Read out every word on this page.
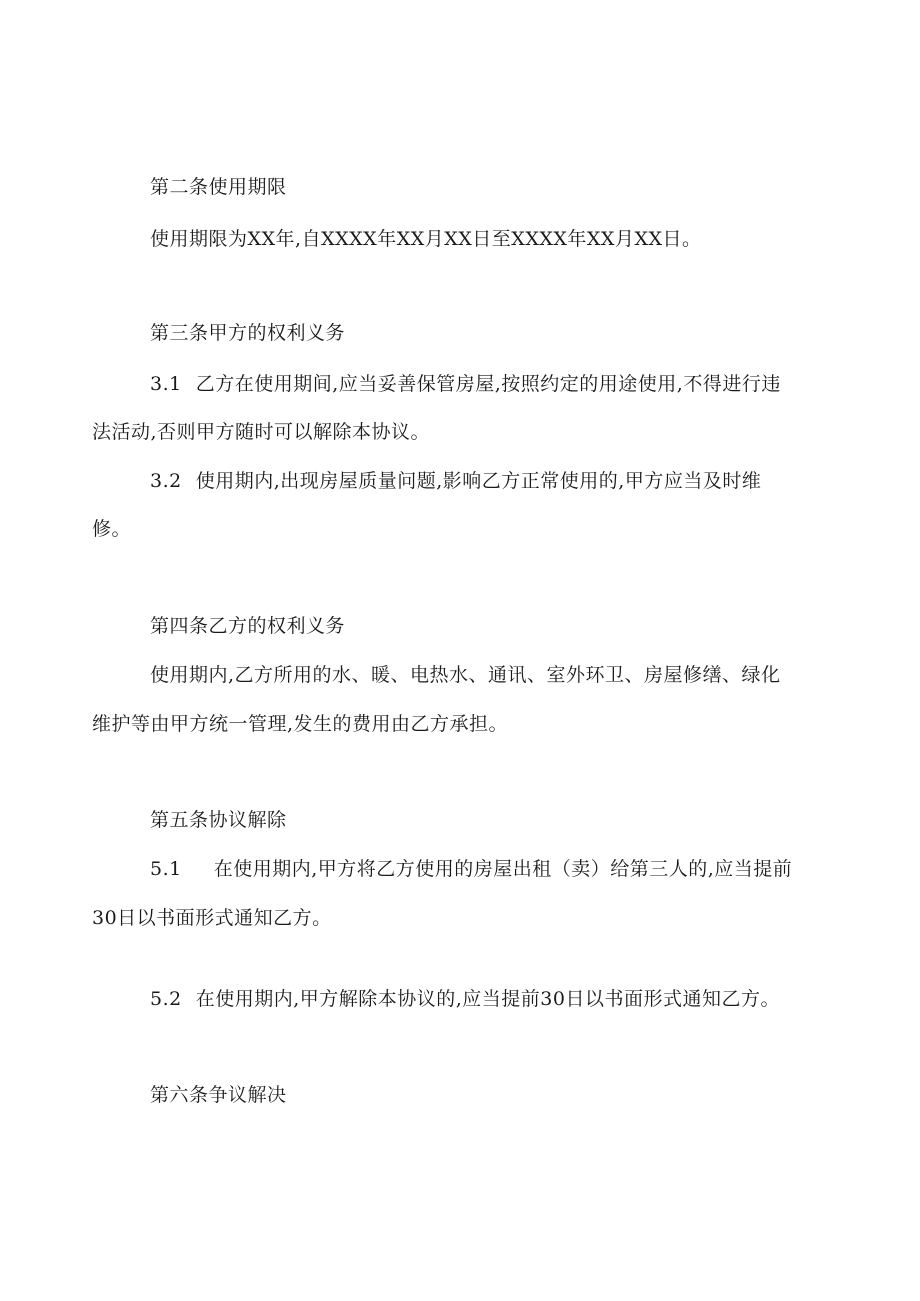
第二条使用期限
使用期限为XX年,自XXXX年XX月XX日至XXXX年XX月XX日。
第三条甲方的权利义务
3.1 乙方在使用期间,应当妥善保管房屋,按照约定的用途使用,不得进行违
法活动,否则甲方随时可以解除本协议。
3.2 使用期内,出现房屋质量问题,影响乙方正常使用的,甲方应当及时维
修。
第四条乙方的权利义务
使用期内,乙方所用的水、暖、电热水、通讯、室外环卫、房屋修缮、绿化
维护等由甲方统一管理,发生的费用由乙方承担。
第五条协议解除
5.1 在使用期内,甲方将乙方使用的房屋出租（卖）给第三人的,应当提前
30日以书面形式通知乙方。
5.2 在使用期内,甲方解除本协议的,应当提前30日以书面形式通知乙方。
第六条争议解决
